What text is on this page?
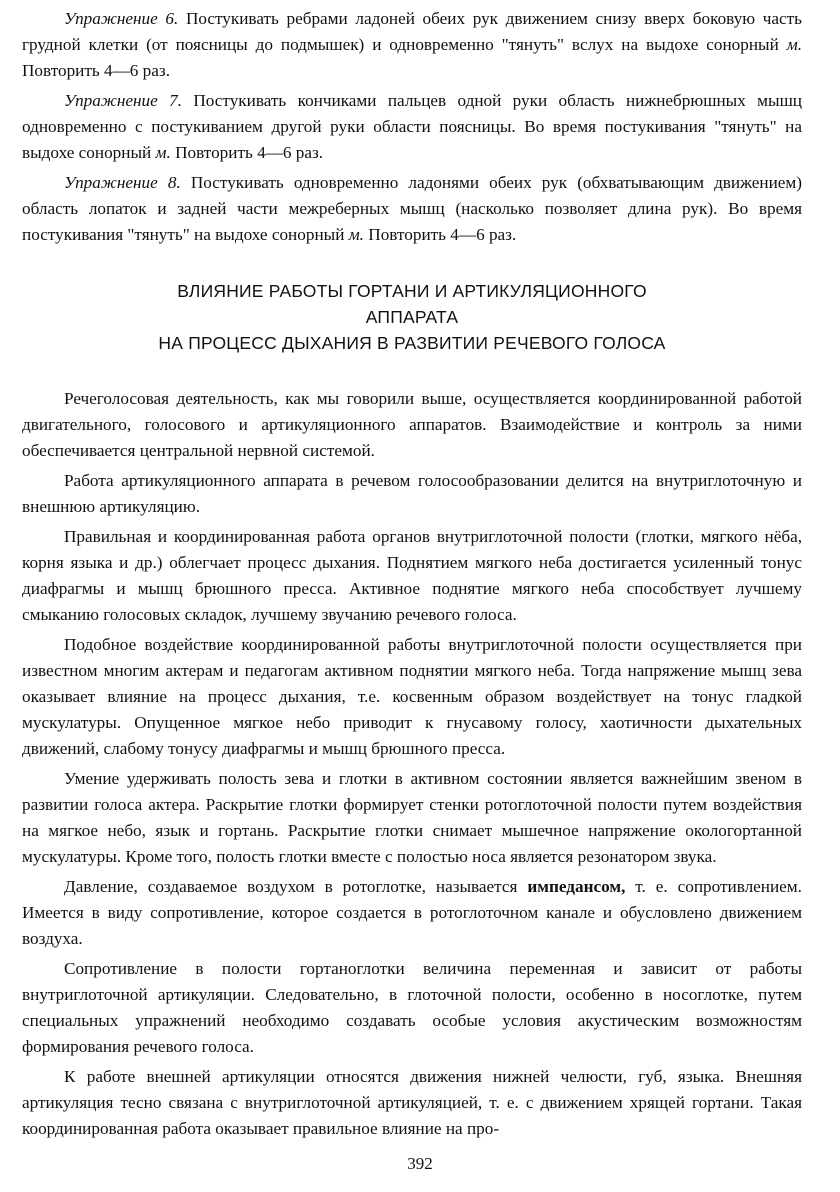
Упражнение 6. Постукивать ребрами ладоней обеих рук движением снизу вверх боковую часть грудной клетки (от поясницы до подмышек) и одновременно "тянуть" вслух на выдохе сонорный м. Повторить 4—6 раз.

Упражнение 7. Постукивать кончиками пальцев одной руки область нижнебрюшных мышц одновременно с постукиванием другой руки области поясницы. Во время постукивания "тянуть" на выдохе сонорный м. Повторить 4—6 раз.

Упражнение 8. Постукивать одновременно ладонями обеих рук (обхватывающим движением) область лопаток и задней части межреберных мышц (насколько позволяет длина рук). Во время постукивания "тянуть" на выдохе сонорный м. Повторить 4—6 раз.

ВЛИЯНИЕ РАБОТЫ ГОРТАНИ И АРТИКУЛЯЦИОННОГО
АППАРАТА
НА ПРОЦЕСС ДЫХАНИЯ В РАЗВИТИИ РЕЧЕВОГО ГОЛОСА

Речеголосовая деятельность, как мы говорили выше, осуществляется координированной работой двигательного, голосового и артикуляционного аппаратов. Взаимодействие и контроль за ними обеспечивается центральной нервной системой.

Работа артикуляционного аппарата в речевом голосообразовании делится на внутриглоточную и внешнюю артикуляцию.

Правильная и координированная работа органов внутриглоточной полости (глотки, мягкого нёба, корня языка и др.) облегчает процесс дыхания. Поднятием мягкого неба достигается усиленный тонус диафрагмы и мышц брюшного пресса. Активное поднятие мягкого неба способствует лучшему смыканию голосовых складок, лучшему звучанию речевого голоса.

Подобное воздействие координированной работы внутриглоточной полости осуществляется при известном многим актерам и педагогам активном поднятии мягкого неба. Тогда напряжение мышц зева оказывает влияние на процесс дыхания, т.е. косвенным образом воздействует на тонус гладкой мускулатуры. Опущенное мягкое небо приводит к гнусавому голосу, хаотичности дыхательных движений, слабому тонусу диафрагмы и мышц брюшного пресса.

Умение удерживать полость зева и глотки в активном состоянии является важнейшим звеном в развитии голоса актера. Раскрытие глотки формирует стенки ротоглоточной полости путем воздействия на мягкое небо, язык и гортань. Раскрытие глотки снимает мышечное напряжение окологортанной мускулатуры. Кроме того, полость глотки вместе с полостью носа является резонатором звука.

Давление, создаваемое воздухом в ротоглотке, называется импедансом, т. е. сопротивлением. Имеется в виду сопротивление, которое создается в ротоглоточном канале и обусловлено движением воздуха.

Сопротивление в полости гортаноглотки величина переменная и зависит от работы внутриглоточной артикуляции. Следовательно, в глоточной полости, особенно в носоглотке, путем специальных упражнений необходимо создавать особые условия акустическим возможностям формирования речевого голоса.

К работе внешней артикуляции относятся движения нижней челюсти, губ, языка. Внешняя артикуляция тесно связана с внутриглоточной артикуляцией, т. е. с движением хрящей гортани. Такая координированная работа оказывает правильное влияние на про-

392
